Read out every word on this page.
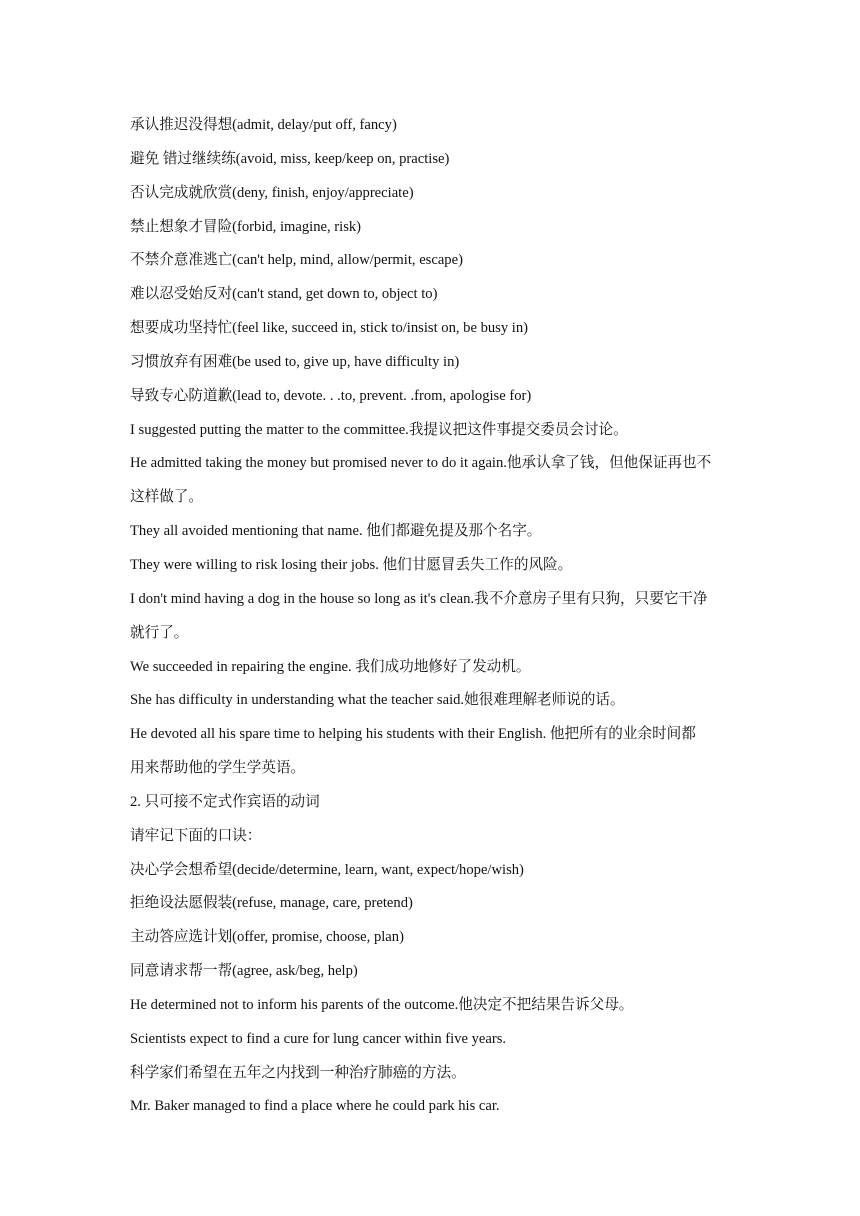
承认推迟没得想(admit, delay/put off, fancy)
避免 错过继续练(avoid, miss, keep/keep on, practise)
否认完成就欣赏(deny, finish, enjoy/appreciate)
禁止想象才冒险(forbid, imagine, risk)
不禁介意准逃亡(can't help, mind, allow/permit, escape)
难以忍受始反对(can't stand, get down to, object to)
想要成功坚持忙(feel like, succeed in, stick to/insist on, be busy in)
习惯放弃有困难(be used to, give up, have difficulty in)
导致专心防道歉(lead to, devote. . .to, prevent. .from, apologise for)
I suggested putting the matter to the committee.我提议把这件事提交委员会讨论。
He admitted taking the money but promised never to do it again.他承认拿了钱，但他保证再也不
这样做了。
They all avoided mentioning that name. 他们都避免提及那个名字。
They were willing to risk losing their jobs. 他们甘愿冒丢失工作的风险。
I don't mind having a dog in the house so long as it's clean.我不介意房子里有只狗，只要它干净
就行了。
We succeeded in repairing the engine. 我们成功地修好了发动机。
She has difficulty in understanding what the teacher said.她很难理解老师说的话。
He devoted all his spare time to helping his students with their English. 他把所有的业余时间都
用来帮助他的学生学英语。
2. 只可接不定式作宾语的动词
请牢记下面的口诀：
决心学会想希望(decide/determine, learn, want, expect/hope/wish)
拒绝设法愿假装(refuse, manage, care, pretend)
主动答应选计划(offer, promise, choose, plan)
同意请求帮一帮(agree, ask/beg, help)
He determined not to inform his parents of the outcome.他决定不把结果告诉父母。
Scientists expect to find a cure for lung cancer within five years.
科学家们希望在五年之内找到一种治疗肺癌的方法。
Mr. Baker managed to find a place where he could park his car.
